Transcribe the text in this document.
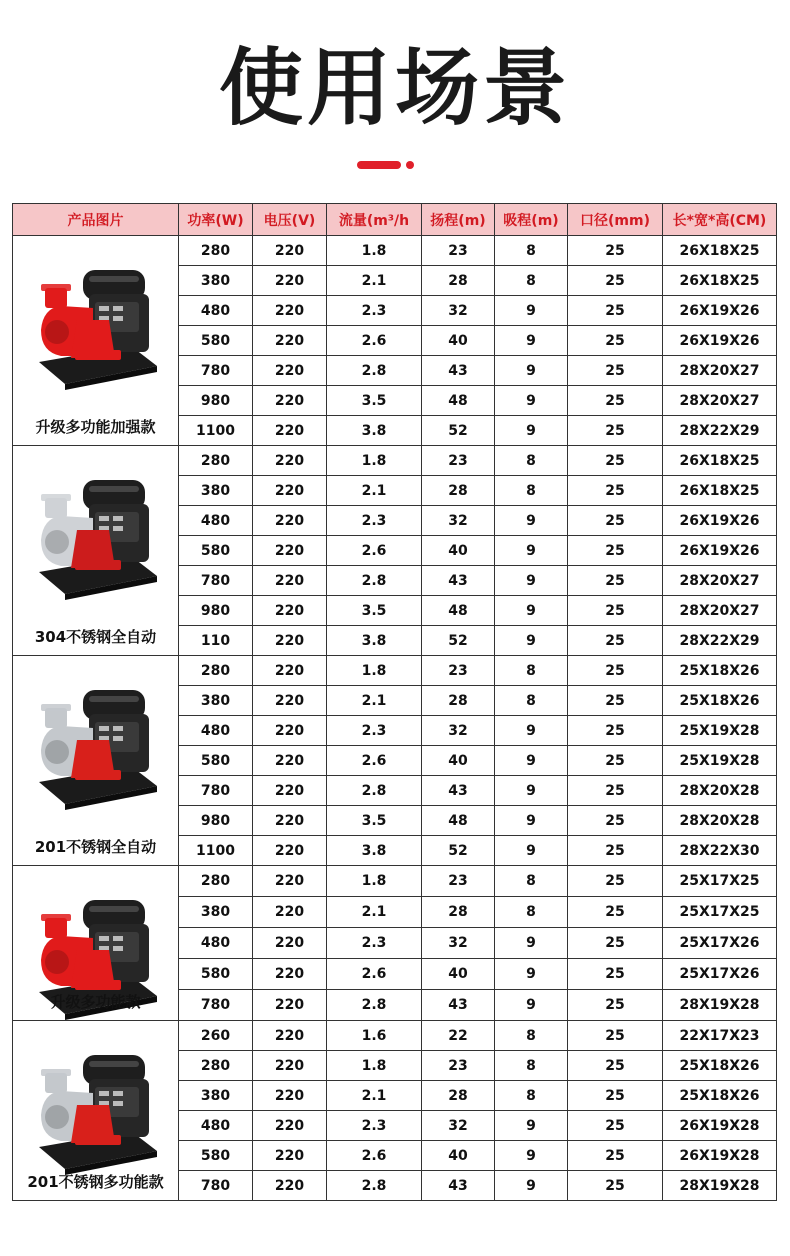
使用场景
产品图片	功率(W)	电压(V)	流量(m³/h	扬程(m)	吸程(m)	口径(mm)	长*宽*高(CM)

升级多功能加强款	280	220	1.8	23	8	25	26X18X25
	380	220	2.1	28	8	25	26X18X25
	480	220	2.3	32	9	25	26X19X26
	580	220	2.6	40	9	25	26X19X26
	780	220	2.8	43	9	25	28X20X27
	980	220	3.5	48	9	25	28X20X27
	1100	220	3.8	52	9	25	28X22X29

304不锈钢全自动	280	220	1.8	23	8	25	26X18X25
	380	220	2.1	28	8	25	26X18X25
	480	220	2.3	32	9	25	26X19X26
	580	220	2.6	40	9	25	26X19X26
	780	220	2.8	43	9	25	28X20X27
	980	220	3.5	48	9	25	28X20X27
	110	220	3.8	52	9	25	28X22X29

201不锈钢全自动	280	220	1.8	23	8	25	25X18X26
	380	220	2.1	28	8	25	25X18X26
	480	220	2.3	32	9	25	25X19X28
	580	220	2.6	40	9	25	25X19X28
	780	220	2.8	43	9	25	28X20X28
	980	220	3.5	48	9	25	28X20X28
	1100	220	3.8	52	9	25	28X22X30

升级多功能款	280	220	1.8	23	8	25	25X17X25
	380	220	2.1	28	8	25	25X17X25
	480	220	2.3	32	9	25	25X17X26
	580	220	2.6	40	9	25	25X17X26
	780	220	2.8	43	9	25	28X19X28

201不锈钢多功能款	260	220	1.6	22	8	25	22X17X23
	280	220	1.8	23	8	25	25X18X26
	380	220	2.1	28	8	25	25X18X26
	480	220	2.3	32	9	25	26X19X28
	580	220	2.6	40	9	25	26X19X28
	780	220	2.8	43	9	25	28X19X28
